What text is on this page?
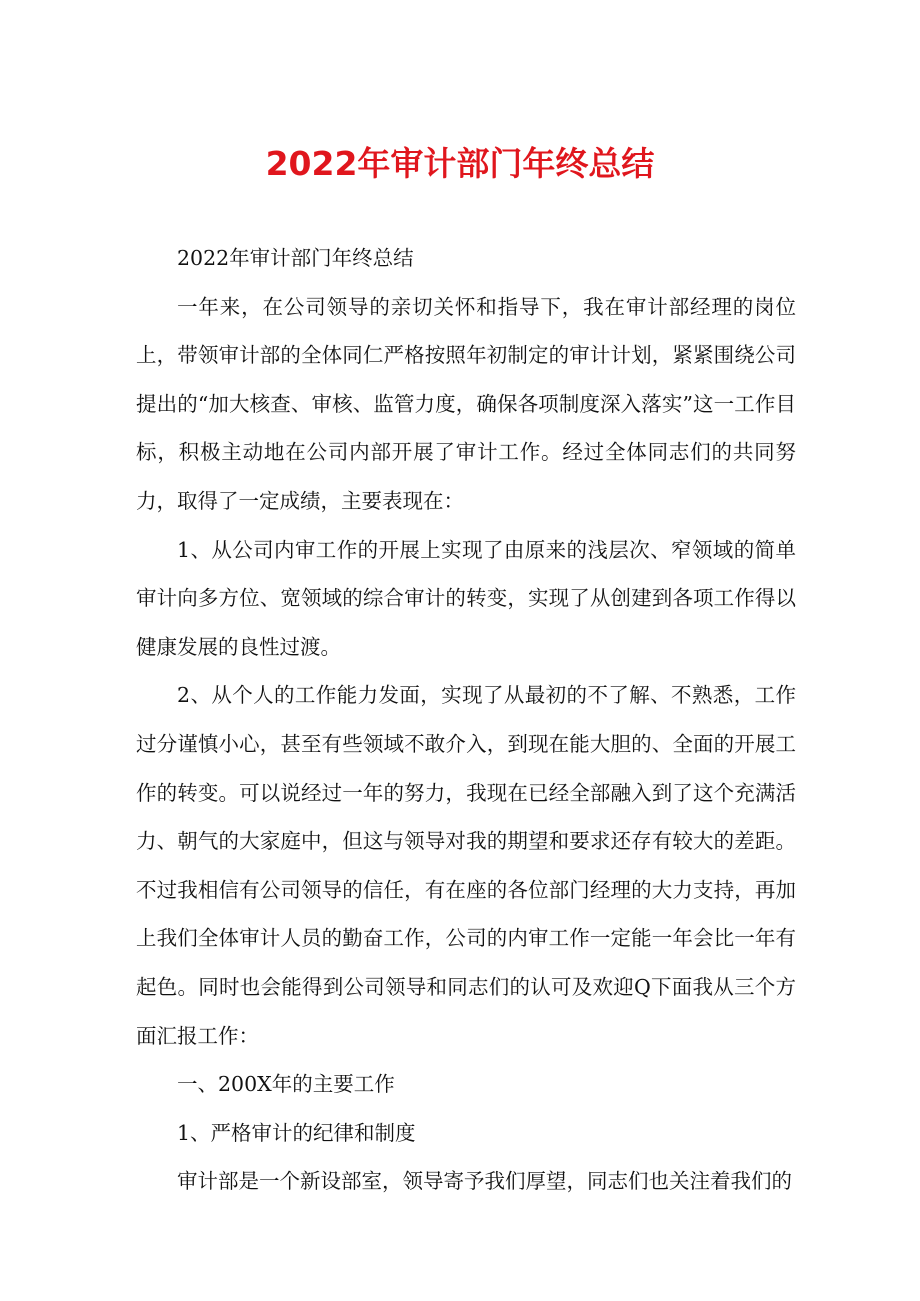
2022年审计部门年终总结

2022年审计部门年终总结

一年来，在公司领导的亲切关怀和指导下，我在审计部经理的岗位上，带领审计部的全体同仁严格按照年初制定的审计计划，紧紧围绕公司提出的“加大核查、审核、监管力度，确保各项制度深入落实”这一工作目标，积极主动地在公司内部开展了审计工作。经过全体同志们的共同努力，取得了一定成绩，主要表现在：

1、从公司内审工作的开展上实现了由原来的浅层次、窄领域的简单审计向多方位、宽领域的综合审计的转变，实现了从创建到各项工作得以健康发展的良性过渡。

2、从个人的工作能力发面，实现了从最初的不了解、不熟悉，工作过分谨慎小心，甚至有些领域不敢介入，到现在能大胆的、全面的开展工作的转变。可以说经过一年的努力，我现在已经全部融入到了这个充满活力、朝气的大家庭中，但这与领导对我的期望和要求还存有较大的差距。不过我相信有公司领导的信任，有在座的各位部门经理的大力支持，再加上我们全体审计人员的勤奋工作，公司的内审工作一定能一年会比一年有起色。同时也会能得到公司领导和同志们的认可及欢迎Q下面我从三个方面汇报工作：

一、200X年的主要工作

1、严格审计的纪律和制度

审计部是一个新设部室，领导寄予我们厚望，同志们也关注着我们的
